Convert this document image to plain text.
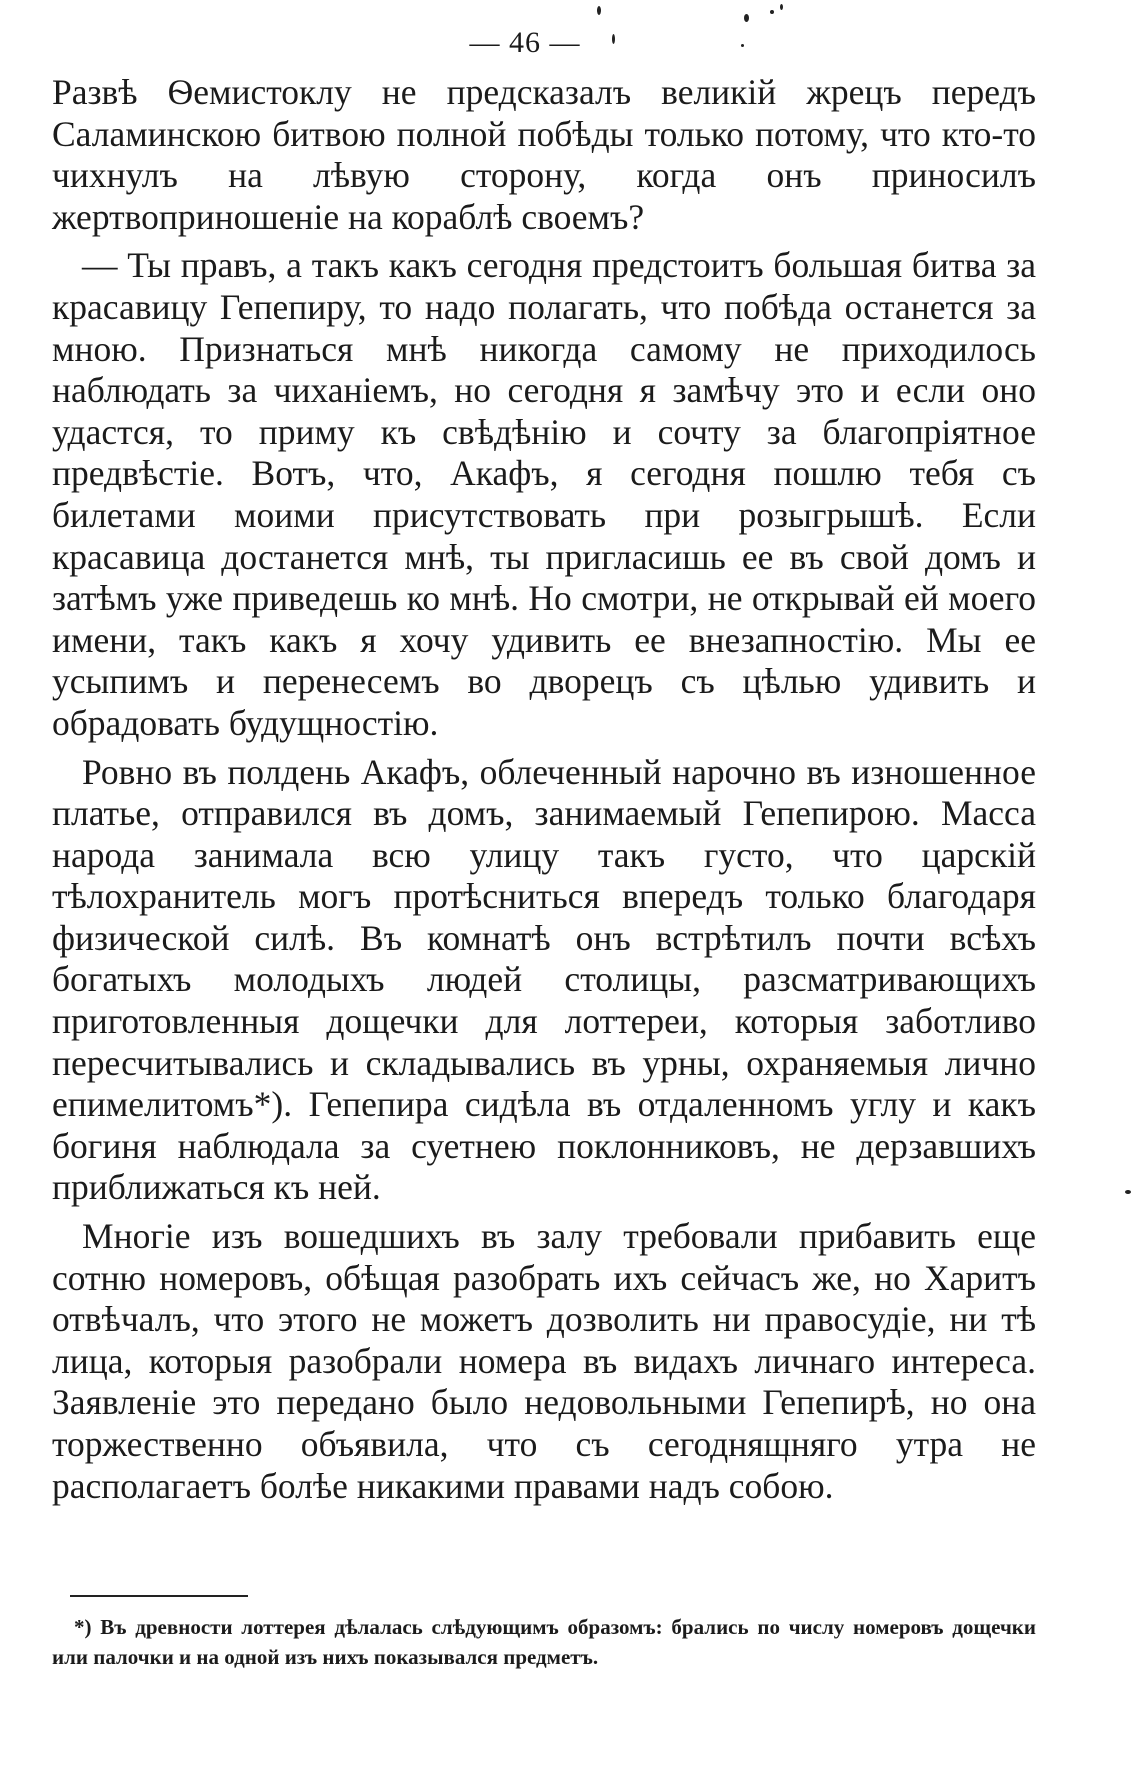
— 46 —

Развѣ Ѳемистоклу не предсказалъ великій жрецъ передъ Саламинскою битвою полной побѣды только потому, что кто-то чихнулъ на лѣвую сторону, когда онъ приносилъ жертвоприношеніе на кораблѣ своемъ?

— Ты правъ, а такъ какъ сегодня предстоитъ большая битва за красавицу Гепепиру, то надо полагать, что побѣда останется за мною. Признаться мнѣ никогда самому не приходилось наблюдать за чиханіемъ, но сегодня я замѣчу это и если оно удастся, то приму къ свѣдѣнію и сочту за благопріятное предвѣстіе. Вотъ, что, Акафъ, я сегодня пошлю тебя съ билетами моими присутствовать при розыгрышѣ. Если красавица достанется мнѣ, ты пригласишь ее въ свой домъ и затѣмъ уже приведешь ко мнѣ. Но смотри, не открывай ей моего имени, такъ какъ я хочу удивить ее внезапностію. Мы ее усыпимъ и перенесемъ во дворецъ съ цѣлью удивить и обрадовать будущностію.

Ровно въ полдень Акафъ, облеченный нарочно въ изношенное платье, отправился въ домъ, занимаемый Гепепирою. Масса народа занимала всю улицу такъ густо, что царскій тѣлохранитель могъ протѣсниться впередъ только благодаря физической силѣ. Въ комнатѣ онъ встрѣтилъ почти всѣхъ богатыхъ молодыхъ людей столицы, разсматривающихъ приготовленныя дощечки для лоттереи, которыя заботливо пересчитывались и складывались въ урны, охраняемыя лично епимелитомъ*). Гепепира сидѣла въ отдаленномъ углу и какъ богиня наблюдала за суетнею поклонниковъ, не дерзавшихъ приближаться къ ней.

Многіе изъ вошедшихъ въ залу требовали прибавить еще сотню номеровъ, обѣщая разобрать ихъ сейчасъ же, но Харитъ отвѣчалъ, что этого не можетъ дозволить ни правосудіе, ни тѣ лица, которыя разобрали номера въ видахъ личнаго интереса. Заявленіе это передано было недовольными Гепепирѣ, но она торжественно объявила, что съ сегодняшняго утра не располагаетъ болѣе никакими правами надъ собою.

*) Въ древности лоттерея дѣлалась слѣдующимъ образомъ: брались по числу номеровъ дощечки или палочки и на одной изъ нихъ показывался предметъ.
